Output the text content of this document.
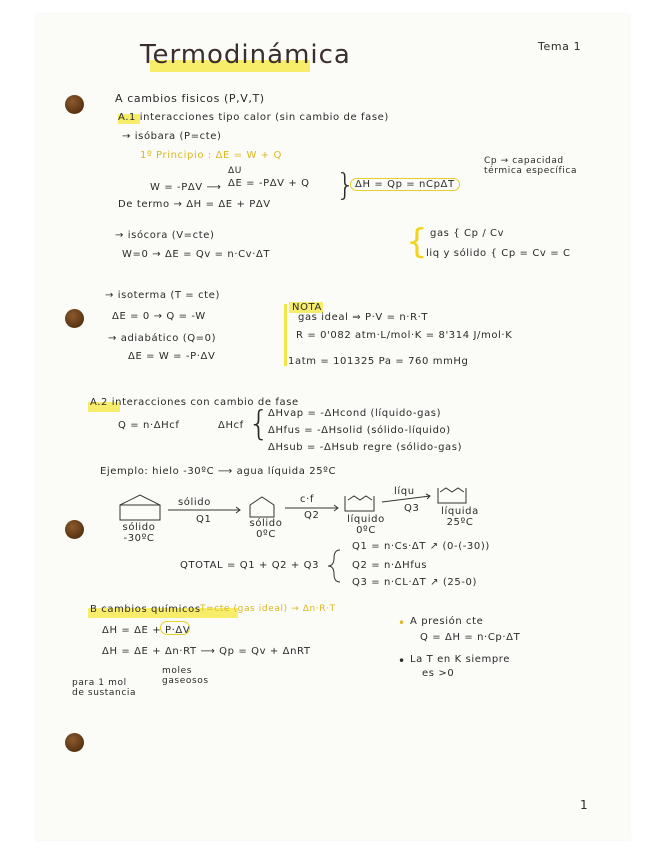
Termodinámica	Tema 1
A cambios fisicos (P,V,T)
A.1 interacciones tipo calor (sin cambio de fase)
→ isóbara (P=cte)
1º Principio : ΔE = W + Q
ΔU
W = -PΔV ⟶ ΔE = -PΔV + Q } ΔH = Qp = nCpΔT
Cp → capacidad térmica específica
De termo → ΔH = ΔE + PΔV
→ isócora (V=cte)
W=0 → ΔE = Qv = n·Cv·ΔT	{ gas { Cp / Cv
liq y sólido { Cp = Cv = C
→ isoterma (T = cte)
ΔE = 0 → Q = -W
→ adiabático (Q=0)
ΔE = W = -P·ΔV
NOTA
gas ideal ⇒ P·V = n·R·T
R = 0'082 atm·L/mol·K = 8'314 J/mol·K
1atm = 101325 Pa = 760 mmHg
A.2 interacciones con cambio de fase
Q = n·ΔHcf	ΔHcf {
ΔHvap = -ΔHcond (líquido-gas)
ΔHfus = -ΔHsolid (sólido-líquido)
ΔHsub = -ΔHsub regre (sólido-gas)
Ejemplo: hielo -30ºC ⟶ agua líquida 25ºC
sólido	c·f
líqu
Q1	Q2
Q3
sólido -30ºC
sólido 0ºC
líquido 0ºC
líquida 25ºC
QTOTAL = Q1 + Q2 + Q3
Q1 = n·Cs·ΔT ↗ (0-(-30))
Q2 = n·ΔHfus
Q3 = n·CL·ΔT ↗ (25-0)
B cambios químicos
ΔH = ΔE + P·ΔV
T=cte (gas ideal) → Δn·R·T
ΔH = ΔE + Δn·RT ⟶ Qp = Qv + ΔnRT
para 1 mol de sustancia
moles gaseosos
• A presión cte
Q = ΔH = n·Cp·ΔT
• La T en K siempre
es >0
1
